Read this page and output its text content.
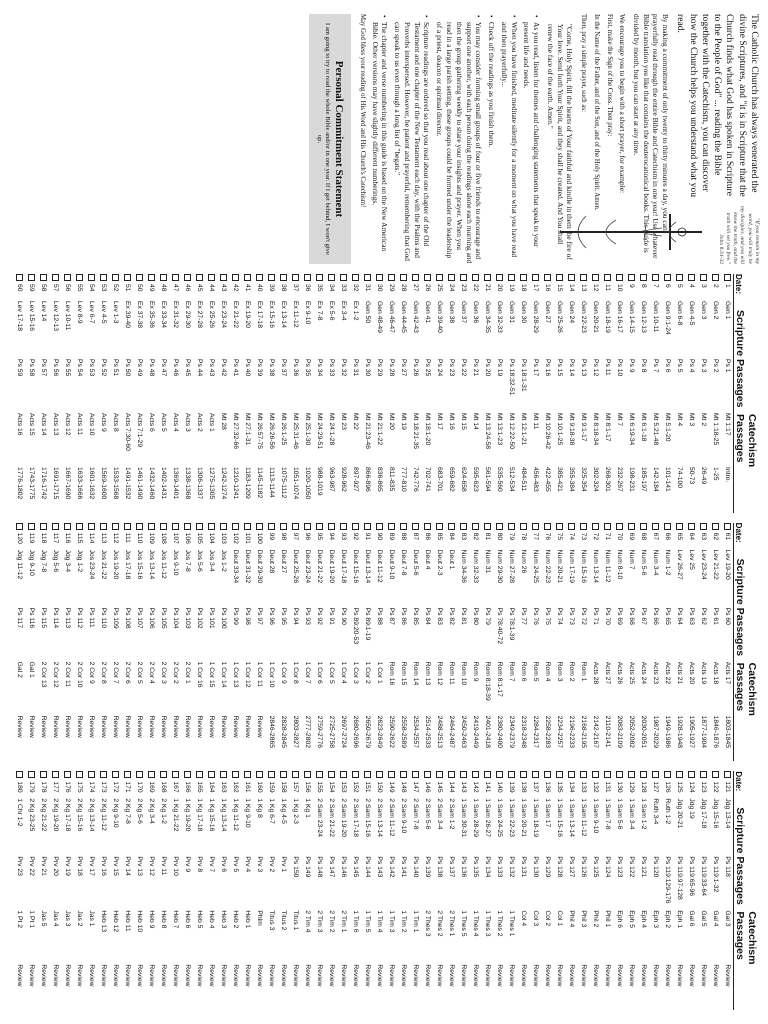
"If you remain in my word, you will truly be my disciples, and you will know the truth, and the truth will set you free."
John 8:31-32

The Catholic Church has always venerated the divine Scriptures, and "it is in Scripture that the Church finds what God has spoken in Scripture to the People of God" ... reading the Bible together with the Catechism, you can discover how the Church helps you understand what you read.

By making a commitment of only twenty to thirty minutes a day, you can prayerfully read through the entire Bible and Catechism in one year! Use whatever Bible translation you like that contains the deuterocanonical books. This guide is divided by month, but you can start at any time.

We encourage you to begin with a short prayer, for example:

First, make the Sign of the Cross. Then pray:

In the Name of the Father, and of the Son, and of the Holy Spirit. Amen.

Then, pray a simple prayer, such as:

"Come, Holy Spirit, fill the hearts of Your faithful and kindle in them the fire of Your love. Send forth Your Spirit, and they shall be created. And You shall renew the face of the earth. Amen."

• As you read, listen for themes and challenging statements that speak to your present life and needs.
• When you have finished, meditate silently for a moment on what you have read and then prayerfully...
• Check off the readings as you finish them.
• You may consider forming small groups of four or five friends to encourage and support one another, with each person doing the readings alone each morning and then the group gathering weekly to share your insights and prayer. When you read in a large parish setting, these groups could be formed under the leadership of a priest, deacon or spiritual director.
• Scripture readings are ordered so that you read about one chapter of the Old Testament and one chapter of the New Testament each day, with the Psalms and Proverbs interspersed. However, be patient and prayerful, remembering that God can speak to us even through a long list of "begats."
• The chapter and verse numbering in this guide is based on the New American Bible. Other versions may have slightly different numberings.

May God bless your reading of His Word and His Church's Catechism!

Personal Commitment Statement
I am going to try to read the whole Bible and/or in one year. If I get behind, I won't give up.
Date:
Scripture Passages
Catechism Passages
1
Gen 1
Ps 1
Mt 1:17
Intro.
2
Gen 2
Ps 2
Mt 1:18-25
1-25
3
Gen 3
Ps 3
Mt 2
26-49
4
Gen 4-5
Ps 4
Mt 3
50-73
5
Gen 6-8
Ps 5
Mt 4
74-100
6
Gen 9:1-24
Ps 6
Mt 5:1-20
101-141
7
Gen 10-11
Ps 7
Mt 5:21-48
142-184
8
Gen 12-13
Ps 8
Mt 6:1-18
185-197
9
Gen 14-15
Ps 9
Mt 6:19-34
198-231
10
Gen 16-17
Ps 10
Mt 7
232-267
11
Gen 18-19
Ps 11
Mt 8:1-17
268-301
12
Gen 20-21
Ps 12
Mt 8:18-34
302-324
13
Gen 22-23
Ps 13
Mt 9:1-17
325-354
14
Gen 24
Ps 14
Mt 9:18-38
355-384
15
Gen 25-26
Ps 15
Mt 10:1-25
385-421
16
Gen 27
Ps 16
Mt 10:26-42
422-455
17
Gen 28-29
Ps 17
Mt 11
456-483
18
Gen 30
Ps 18:1-31
Mt 12:1-21
484-511
19
Gen 31
Ps 18:32-51
Mt 12:22-50
512-534
20
Gen 32-33
Ps 19
Mt 13:1-23
535-560
21
Gen 34-35
Ps 20
Mt 13:24-58
561-594
22
Gen 36
Ps 21
Mt 14
595-623
23
Gen 37
Ps 22
Mt 15
624-658
24
Gen 38
Ps 23
Mt 16
659-682
25
Gen 39-40
Ps 24
Mt 17
683-701
26
Gen 41
Ps 25
Mt 18:1-20
702-741
27
Gen 42-43
Ps 26
Mt 18:21-35
742-776
28
Gen 44-45
Ps 27
Mt 19
777-810
29
Gen 46-47
Ps 28
Mt 20
811-835
30
Gen 48-49
Ps 29
Mt 21:1-22
836-865
31
Gen 50
Ps 30
Mt 21:23-46
866-896
32
Ex 1-2
Ps 31
Mt 22
897-927
33
Ex 3-4
Ps 32
Mt 23
928-962
34
Ex 5-6
Ps 33
Mt 24:1-28
963-987
35
Ex 7-8
Ps 34
Mt 24:29-51
988-1019
36
Ex 9-10
Ps 35
Mt 25:1-30
1020-1050
37
Ex 11-12
Ps 36
Mt 25:31-46
1051-1074
38
Ex 13-14
Ps 37
Mt 26:1-25
1075-1112
39
Ex 15-16
Ps 38
Mt 26:26-56
1113-1144
40
Ex 17-18
Ps 39
Mt 26:57-75
1145-1182
41
Ex 19-20
Ps 40
Mt 27:1-31
1183-1209
42
Ex 21-22
Ps 41
Mt 27:32-66
1210-1241
43
Ex 23-24
Ps 42
Mt 28
1242-1274
44
Ex 25-26
Ps 43
Acts 1
1275-1305
45
Ex 27-28
Ps 44
Acts 2
1306-1337
46
Ex 29-30
Ps 45
Acts 3
1338-1368
47
Ex 31-32
Ps 46
Acts 4
1369-1401
48
Ex 33-34
Ps 47
Acts 5
1402-1431
49
Ex 35-36
Ps 48
Acts 6
1432-1460
50
Ex 37-38
Ps 49
Acts 7:1-29
1461-1490
51
Ex 39-40
Ps 50
Acts 7:30-60
1491-1532
52
Lev 1-3
Ps 51
Acts 8
1533-1568
53
Lev 4-5
Ps 52
Acts 9
1569-1600
54
Lev 6-7
Ps 53
Acts 10
1601-1632
55
Lev 8-9
Ps 54
Acts 11
1633-1666
56
Lev 10-11
Ps 55
Acts 12
1667-1690
57
Lev 12-13
Ps 56
Acts 13
1691-1715
58
Lev 14
Ps 57
Acts 14
1716-1742
59
Lev 15-16
Ps 58
Acts 15
1743-1775
60
Lev 17-18
Ps 59
Acts 16
1776-1802
Date:
Scripture Passages
Catechism Passages
61
Lev 19-20
Ps 60
Acts 17
1803-1845
62
Lev 21-22
Ps 61
Acts 18
1846-1876
63
Lev 23-24
Ps 62
Acts 19
1877-1904
64
Lev 25
Ps 63
Acts 20
1905-1927
65
Lev 26-27
Ps 64
Acts 21
1928-1948
66
Num 1-2
Ps 65
Acts 22
1949-1986
67
Num 3-4
Ps 66
Acts 23
1987-2029
68
Num 5-6
Ps 67
Acts 24
2030-2051
69
Num 7
Ps 68
Acts 25
2052-2082
70
Num 8-10
Ps 69
Acts 26
2083-2109
71
Num 11-12
Ps 70
Acts 27
2110-2141
72
Num 13-14
Ps 71
Acts 28
2142-2167
73
Num 15-16
Ps 72
Rom 1
2168-2195
74
Num 17-19
Ps 73
Rom 2
2196-2233
75
Num 20-21
Ps 74
Rom 3
2234-2257
76
Num 22-23
Ps 75
Rom 4
2258-2283
77
Num 24-25
Ps 76
Rom 5
2284-2317
78
Num 26
Ps 77
Rom 6
2318-2348
79
Num 27-28
Ps 78:1-39
Rom 7
2349-2379
80
Num 29-30
Ps 78:40-72
Rom 8:1-17
2380-2400
81
Num 31
Ps 79
Rom 8:18-39
2401-2418
82
Num 32-33
Ps 80
Rom 9
2419-2449
83
Num 34-36
Ps 81
Rom 10
2450-2463
84
Deut 1
Ps 82
Rom 11
2464-2487
85
Deut 2-3
Ps 83
Rom 12
2488-2513
86
Deut 4
Ps 84
Rom 13
2514-2533
87
Deut 5-6
Ps 85
Rom 14
2534-2557
88
Deut 7-8
Ps 86
Rom 15
2558-2589
89
Deut 9-10
Ps 87
Rom 16
2590-2622
90
Deut 11-12
Ps 88
1 Cor 1
2623-2649
91
Deut 13-14
Ps 89:1-19
1 Cor 2
2650-2679
92
Deut 15-16
Ps 89:20-53
1 Cor 3
2680-2696
93
Deut 17-18
Ps 90
1 Cor 4
2697-2724
94
Deut 19-20
Ps 91
1 Cor 5
2725-2758
95
Deut 21-22
Ps 92
1 Cor 6
2759-2776
96
Deut 23-24
Ps 93
1 Cor 7
2777-2802
97
Deut 25-26
Ps 94
1 Cor 8
2803-2827
98
Deut 27
Ps 95
1 Cor 9
2828-2845
99
Deut 28
Ps 96
1 Cor 10
2846-2865
100
Deut 29-30
Ps 97
1 Cor 11
Review
101
Deut 31-32
Ps 98
1 Cor 12
Review
102
Deut 33-34
Ps 99
1 Cor 13
Review
103
Jos 1-2
Ps 100
1 Cor 14
Review
104
Jos 3-4
Ps 101
1 Cor 15
Review
105
Jos 5-6
Ps 102
1 Cor 16
Review
106
Jos 7-8
Ps 103
2 Cor 1
Review
107
Jos 9-10
Ps 104
2 Cor 2
Review
108
Jos 11-12
Ps 105
2 Cor 3
Review
109
Jos 13-14
Ps 106
2 Cor 4
Review
110
Jos 15-16
Ps 107
2 Cor 5
Review
111
Jos 17-18
Ps 108
2 Cor 6
Review
112
Jos 19-20
Ps 109
2 Cor 7
Review
113
Jos 21-22
Ps 110
2 Cor 8
Review
114
Jos 23-24
Ps 111
2 Cor 9
Review
115
Jdg 1-2
Ps 112
2 Cor 10
Review
116
Jdg 3-4
Ps 113
2 Cor 11
Review
117
Jdg 5-6
Ps 114
2 Cor 12
Review
118
Jdg 7-8
Ps 115
2 Cor 13
Review
119
Jdg 9-10
Ps 116
Gal 1
Review
120
Jdg 11-12
Ps 117
Gal 2
Review
Date:
Scripture Passages
Catechism Passages
121
Jdg 13-14
Ps 118
Gal 3
Review
122
Jdg 15-16
Ps 119:1-32
Gal 4
Review
123
Jdg 17-18
Ps 119:33-64
Gal 5
Review
124
Jdg 19
Ps 119:65-96
Gal 6
Review
125
Jdg 20-21
Ps 119:97-128
Eph 1
Review
126
Ruth 1-2
Ps 119:129-176
Eph 2
Review
127
Ruth 3-4
Ps 120
Eph 3
Review
128
1 Sam 1-2
Ps 121
Eph 4
Review
129
1 Sam 3-4
Ps 122
Eph 5
Review
130
1 Sam 5-6
Ps 123
Eph 6
Review
131
1 Sam 7-8
Ps 124
Phil 1
Review
132
1 Sam 9-10
Ps 125
Phil 2
Review
133
1 Sam 11-12
Ps 126
Phil 3
Review
134
1 Sam 13-14
Ps 127
Phil 4
Review
135
1 Sam 15-16
Ps 128
Col 1
Review
136
1 Sam 17
Ps 129
Col 2
Review
137
1 Sam 18-19
Ps 130
Col 3
Review
138
1 Sam 20-21
Ps 131
Col 4
Review
139
1 Sam 22-23
Ps 132
1 Thes 1
Review
140
1 Sam 24-25
Ps 133
1 Thes 2
Review
141
1 Sam 26-27
Ps 134
1 Thes 3
Review
142
1 Sam 28-29
Ps 135
1 Thes 4
Review
143
1 Sam 30-31
Ps 136
1 Thes 5
Review
144
2 Sam 1-2
Ps 137
2 Thes 1
Review
145
2 Sam 3-4
Ps 138
2 Thes 2
Review
146
2 Sam 5-6
Ps 139
2 Thes 3
Review
147
2 Sam 7-8
Ps 140
1 Tim 1
Review
148
2 Sam 9-10
Ps 141
1 Tim 2
Review
149
2 Sam 11-12
Ps 142
1 Tim 3
Review
150
2 Sam 13-14
Ps 143
1 Tim 4
Review
151
2 Sam 15-16
Ps 144
1 Tim 5
Review
152
2 Sam 17-18
Ps 145
1 Tim 6
Review
153
2 Sam 19-20
Ps 146
2 Tim 1
Review
154
2 Sam 21-22
Ps 147
2 Tim 2
Review
155
2 Sam 23-24
Ps 148
2 Tim 3
Review
156
1 Kg 1
Ps 149
2 Tim 4
Review
157
1 Kg 2-3
Ps 150
Titus 1
Review
158
1 Kg 4-5
Prv 1
Titus 2
Review
159
1 Kg 6-7
Prv 2
Titus 3
Review
160
1 Kg 8
Prv 3
Phlm
Review
161
1 Kg 9-10
Prv 4
Heb 1
Review
162
1 Kg 11-12
Prv 5
Heb 2
Review
163
1 Kg 13-14
Prv 6
Heb 3
Review
164
1 Kg 15-16
Prv 7
Heb 4
Review
165
1 Kg 17-18
Prv 8
Heb 5
Review
166
1 Kg 19-20
Prv 9
Heb 6
Review
167
1 Kg 21-22
Prv 10
Heb 7
Review
168
2 Kg 1-2
Prv 11
Heb 8
Review
169
2 Kg 3-4
Prv 12
Heb 9
Review
170
2 Kg 5-6
Prv 13
Heb 10
Review
171
2 Kg 7-8
Prv 14
Heb 11
Review
172
2 Kg 9-10
Prv 15
Heb 12
Review
173
2 Kg 11-12
Prv 16
Heb 13
Review
174
2 Kg 13-14
Prv 17
Jas 1
Review
175
2 Kg 15-16
Prv 18
Jas 2
Review
176
2 Kg 17-18
Prv 19
Jas 3
Review
177
2 Kg 19-20
Prv 20
Jas 4
Review
178
2 Kg 21-22
Prv 21
Jas 5
Review
179
2 Kg 23-25
Prv 22
1 Pt 1
Review
180
1 Chr 1-2
Prv 23
1 Pt 2
Review
